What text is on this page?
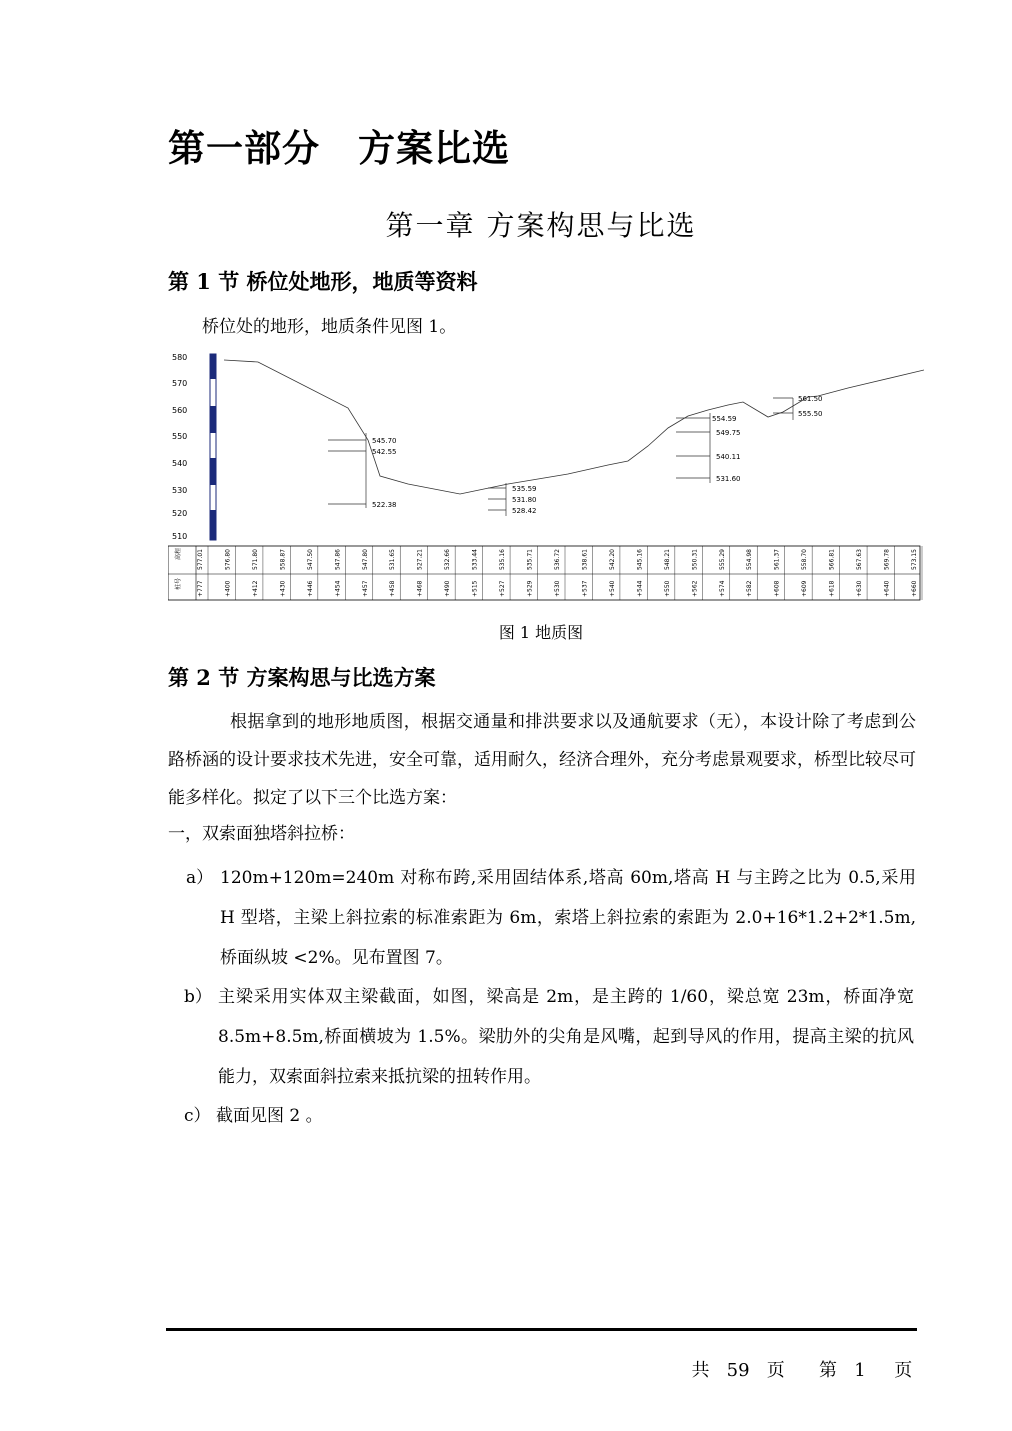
第一部分　方案比选
第一章 方案构思与比选
第 1 节 桥位处地形，地质等资料
桥位处的地形，地质条件见图 1。
580
570
560
550
540
530
520
510
545.70
542.55
522.38
535.59
531.80
528.42
554.59
549.75
540.11
531.60
561.50
555.50
高程
桩号
577.01
+777
576.80
+400
571.80
+412
558.87
+430
547.50
+446
547.86
+454
547.80
+457
531.65
+458
527.21
+468
532.66
+490
533.44
+515
535.16
+527
535.71
+529
536.72
+530
538.61
+537
542.20
+540
545.16
+544
548.21
+550
550.31
+562
555.29
+574
554.98
+582
561.37
+608
558.70
+609
566.81
+618
567.63
+630
569.78
+640
573.15
+660
图 1 地质图
第 2 节 方案构思与比选方案
根据拿到的地形地质图，根据交通量和排洪要求以及通航要求（无），本设计除了考虑到公路桥涵的设计要求技术先进，安全可靠，适用耐久，经济合理外，充分考虑景观要求，桥型比较尽可能多样化。拟定了以下三个比选方案：
一，双索面独塔斜拉桥：
a） 120m+120m=240m 对称布跨,采用固结体系,塔高 60m,塔高 H 与主跨之比为 0.5,采用 H 型塔，主梁上斜拉索的标准索距为 6m，索塔上斜拉索的索距为 2.0+16*1.2+2*1.5m,桥面纵坡 <2%。见布置图 7。
b） 主梁采用实体双主梁截面，如图，梁高是 2m，是主跨的 1/60，梁总宽 23m，桥面净宽 8.5m+8.5m,桥面横坡为 1.5%。梁肋外的尖角是风嘴，起到导风的作用，提高主梁的抗风能力，双索面斜拉索来抵抗梁的扭转作用。
c） 截面见图 2 。

共 59 页 第 1 页
